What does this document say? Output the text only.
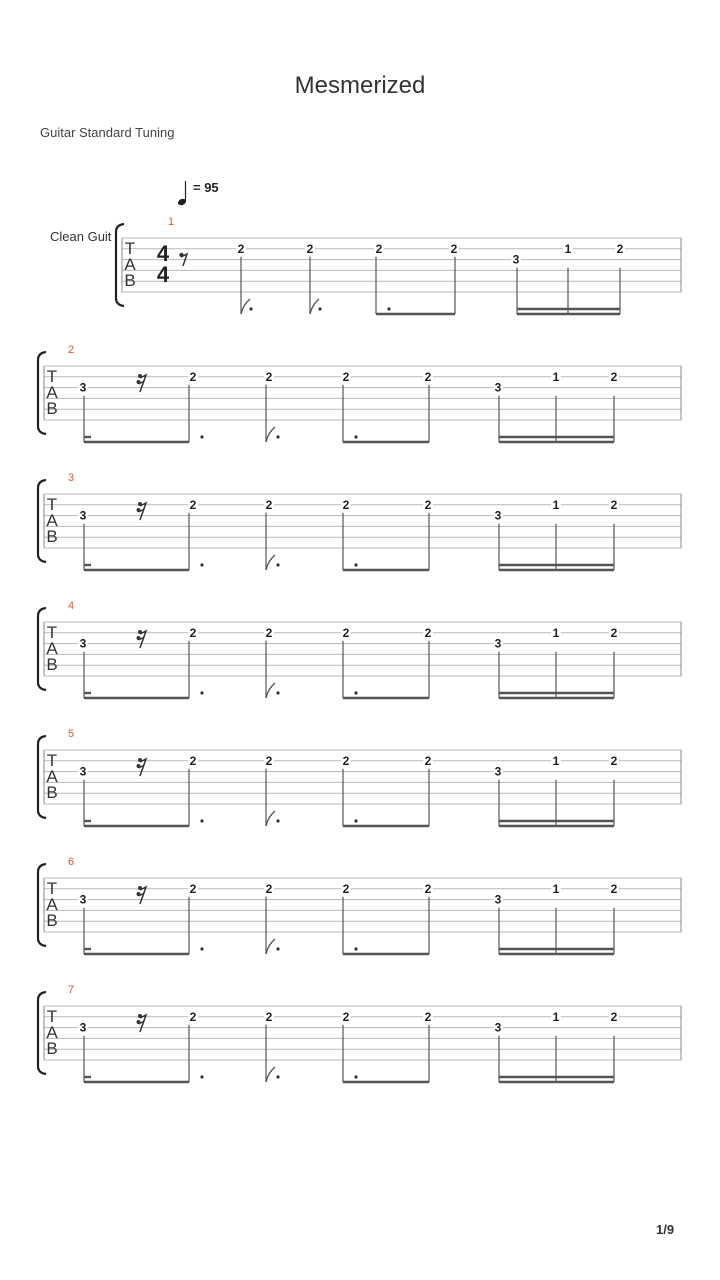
Mesmerized
Guitar Standard Tuning
= 95
Clean Guit
T
A
B
4
4
2	2	2	2
3
1	2
1
T
A
B
3
2	2	2	2
3
1	2
2
T
A
B
3
2	2	2	2
3
1	2
3
T
A
B
3
2	2	2	2
3
1	2
4
T
A
B
3
2	2	2	2
3
1	2
5
T
A
B
3
2	2	2	2
3
1	2
6
T
A
B
3
2	2	2	2
3
1	2
7
1/9
